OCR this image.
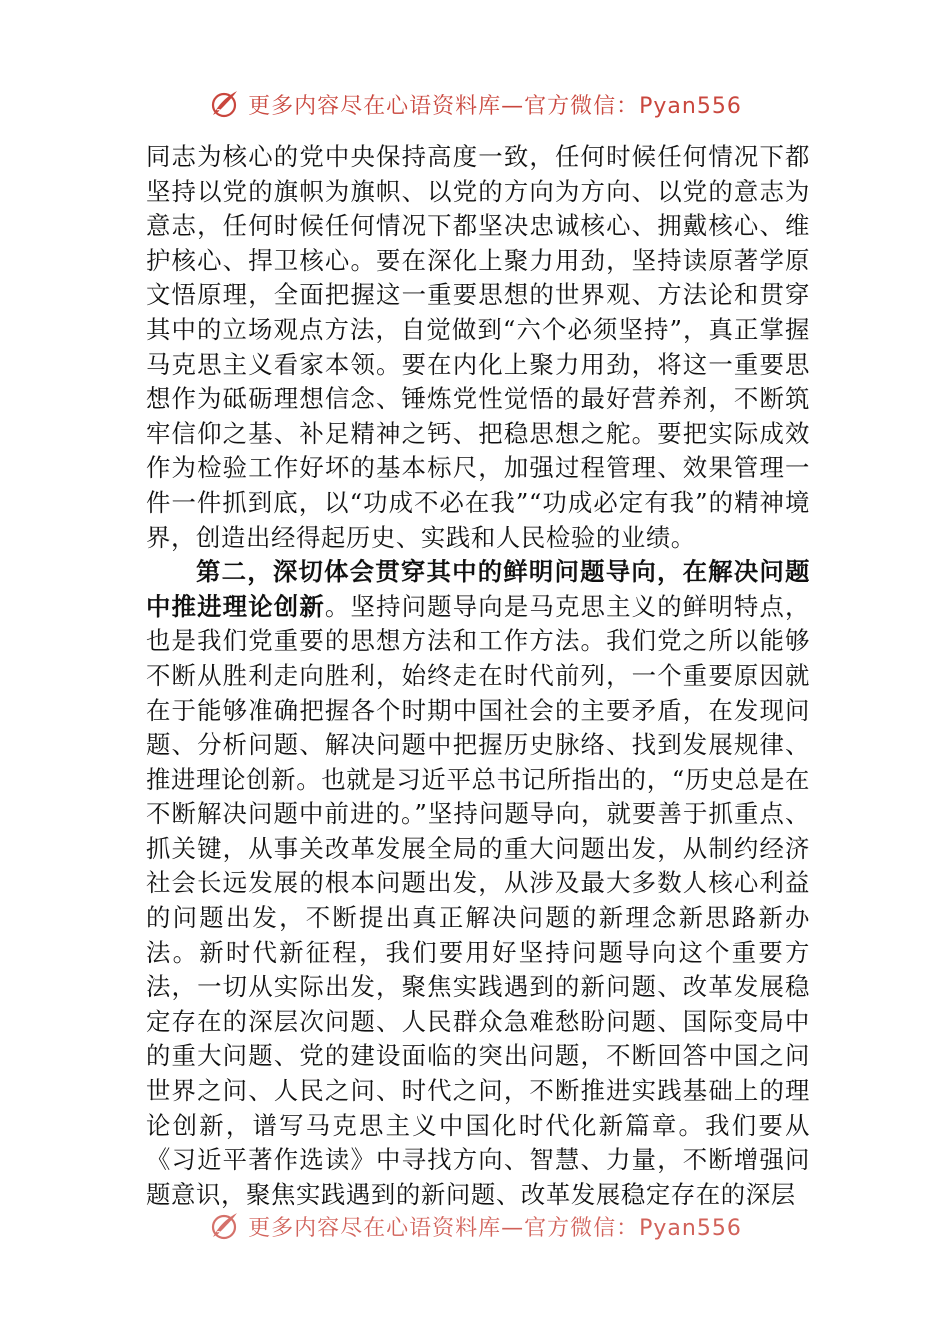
更多内容尽在心语资料库—官方微信：Pyan556

同志为核心的党中央保持高度一致，任何时候任何情况下都坚持以党的旗帜为旗帜、以党的方向为方向、以党的意志为意志，任何时候任何情况下都坚决忠诚核心、拥戴核心、维护核心、捍卫核心。要在深化上聚力用劲，坚持读原著学原文悟原理，全面把握这一重要思想的世界观、方法论和贯穿其中的立场观点方法，自觉做到“六个必须坚持”，真正掌握马克思主义看家本领。要在内化上聚力用劲，将这一重要思想作为砥砺理想信念、锤炼党性觉悟的最好营养剂，不断筑牢信仰之基、补足精神之钙、把稳思想之舵。要把实际成效作为检验工作好坏的基本标尺，加强过程管理、效果管理一件一件抓到底，以“功成不必在我”“功成必定有我”的精神境界，创造出经得起历史、实践和人民检验的业绩。

第二，深切体会贯穿其中的鲜明问题导向，在解决问题中推进理论创新。坚持问题导向是马克思主义的鲜明特点，也是我们党重要的思想方法和工作方法。我们党之所以能够不断从胜利走向胜利，始终走在时代前列，一个重要原因就在于能够准确把握各个时期中国社会的主要矛盾，在发现问题、分析问题、解决问题中把握历史脉络、找到发展规律、推进理论创新。也就是习近平总书记所指出的，“历史总是在不断解决问题中前进的。”坚持问题导向，就要善于抓重点、抓关键，从事关改革发展全局的重大问题出发，从制约经济社会长远发展的根本问题出发，从涉及最大多数人核心利益的问题出发，不断提出真正解决问题的新理念新思路新办法。新时代新征程，我们要用好坚持问题导向这个重要方法，一切从实际出发，聚焦实践遇到的新问题、改革发展稳定存在的深层次问题、人民群众急难愁盼问题、国际变局中的重大问题、党的建设面临的突出问题，不断回答中国之问世界之问、人民之问、时代之问，不断推进实践基础上的理论创新，谱写马克思主义中国化时代化新篇章。我们要从《习近平著作选读》中寻找方向、智慧、力量，不断增强问题意识，聚焦实践遇到的新问题、改革发展稳定存在的深层

更多内容尽在心语资料库—官方微信：Pyan556
